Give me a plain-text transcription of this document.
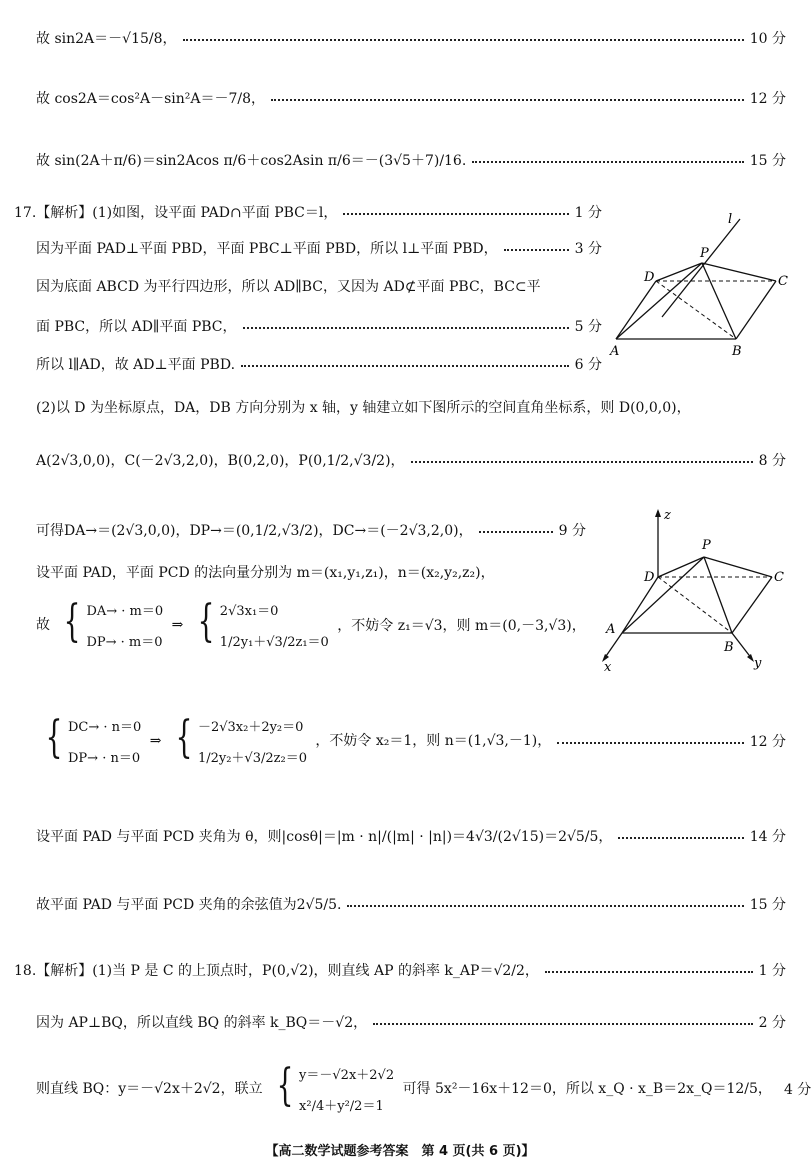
故 sin2A＝－√15/8，	10 分
故 cos2A＝cos²A－sin²A＝－7/8，	12 分
故 sin(2A＋π/6)＝sin2Acos π/6＋cos2Asin π/6＝－(3√5＋7)/16.	15 分
17.【解析】(1)如图，设平面 PAD∩平面 PBC＝l，	1 分
因为平面 PAD⊥平面 PBD，平面 PBC⊥平面 PBD，所以 l⊥平面 PBD，	3 分
因为底面 ABCD 为平行四边形，所以 AD∥BC，又因为 AD⊄平面 PBC，BC⊂平
面 PBC，所以 AD∥平面 PBC，	5 分
所以 l∥AD，故 AD⊥平面 PBD.	6 分
l
P
D	C
A	B
(2)以 D 为坐标原点，DA，DB 方向分别为 x 轴，y 轴建立如下图所示的空间直角坐标系，则 D(0,0,0)，
A(2√3,0,0)，C(－2√3,2,0)，B(0,2,0)，P(0,1/2,√3/2)，	8 分
可得DA→＝(2√3,0,0)，DP→＝(0,1/2,√3/2)，DC→＝(－2√3,2,0)，	9 分
设平面 PAD，平面 PCD 的法向量分别为 m＝(x₁,y₁,z₁)，n＝(x₂,y₂,z₂)，
故 { DA→ · m＝0
DP→ · m＝0
⇒ { 2√3x₁＝0
1/2y₁＋√3/2z₁＝0
，不妨令 z₁＝√3，则 m＝(0,－3,√3)，
z
P
D	C
A
B
x	y
{ DC→ · n＝0
DP→ · n＝0
⇒ { －2√3x₂＋2y₂＝0
1/2y₂＋√3/2z₂＝0
，不妨令 x₂＝1，则 n＝(1,√3,－1)，	12 分
设平面 PAD 与平面 PCD 夹角为 θ，则|cosθ|＝|m · n|/(|m| · |n|)＝4√3/(2√15)＝2√5/5，	14 分
故平面 PAD 与平面 PCD 夹角的余弦值为2√5/5.	15 分
18.【解析】(1)当 P 是 C 的上顶点时，P(0,√2)，则直线 AP 的斜率 k_AP＝√2/2，	1 分
因为 AP⊥BQ，所以直线 BQ 的斜率 k_BQ＝－√2，	2 分
则直线 BQ：y＝－√2x＋2√2，联立 { y＝－√2x＋2√2
x²/4＋y²/2＝1
可得 5x²－16x＋12＝0，所以 x_Q · x_B＝2x_Q＝12/5， 4 分
【高二数学试题参考答案　第 4 页(共 6 页)】
